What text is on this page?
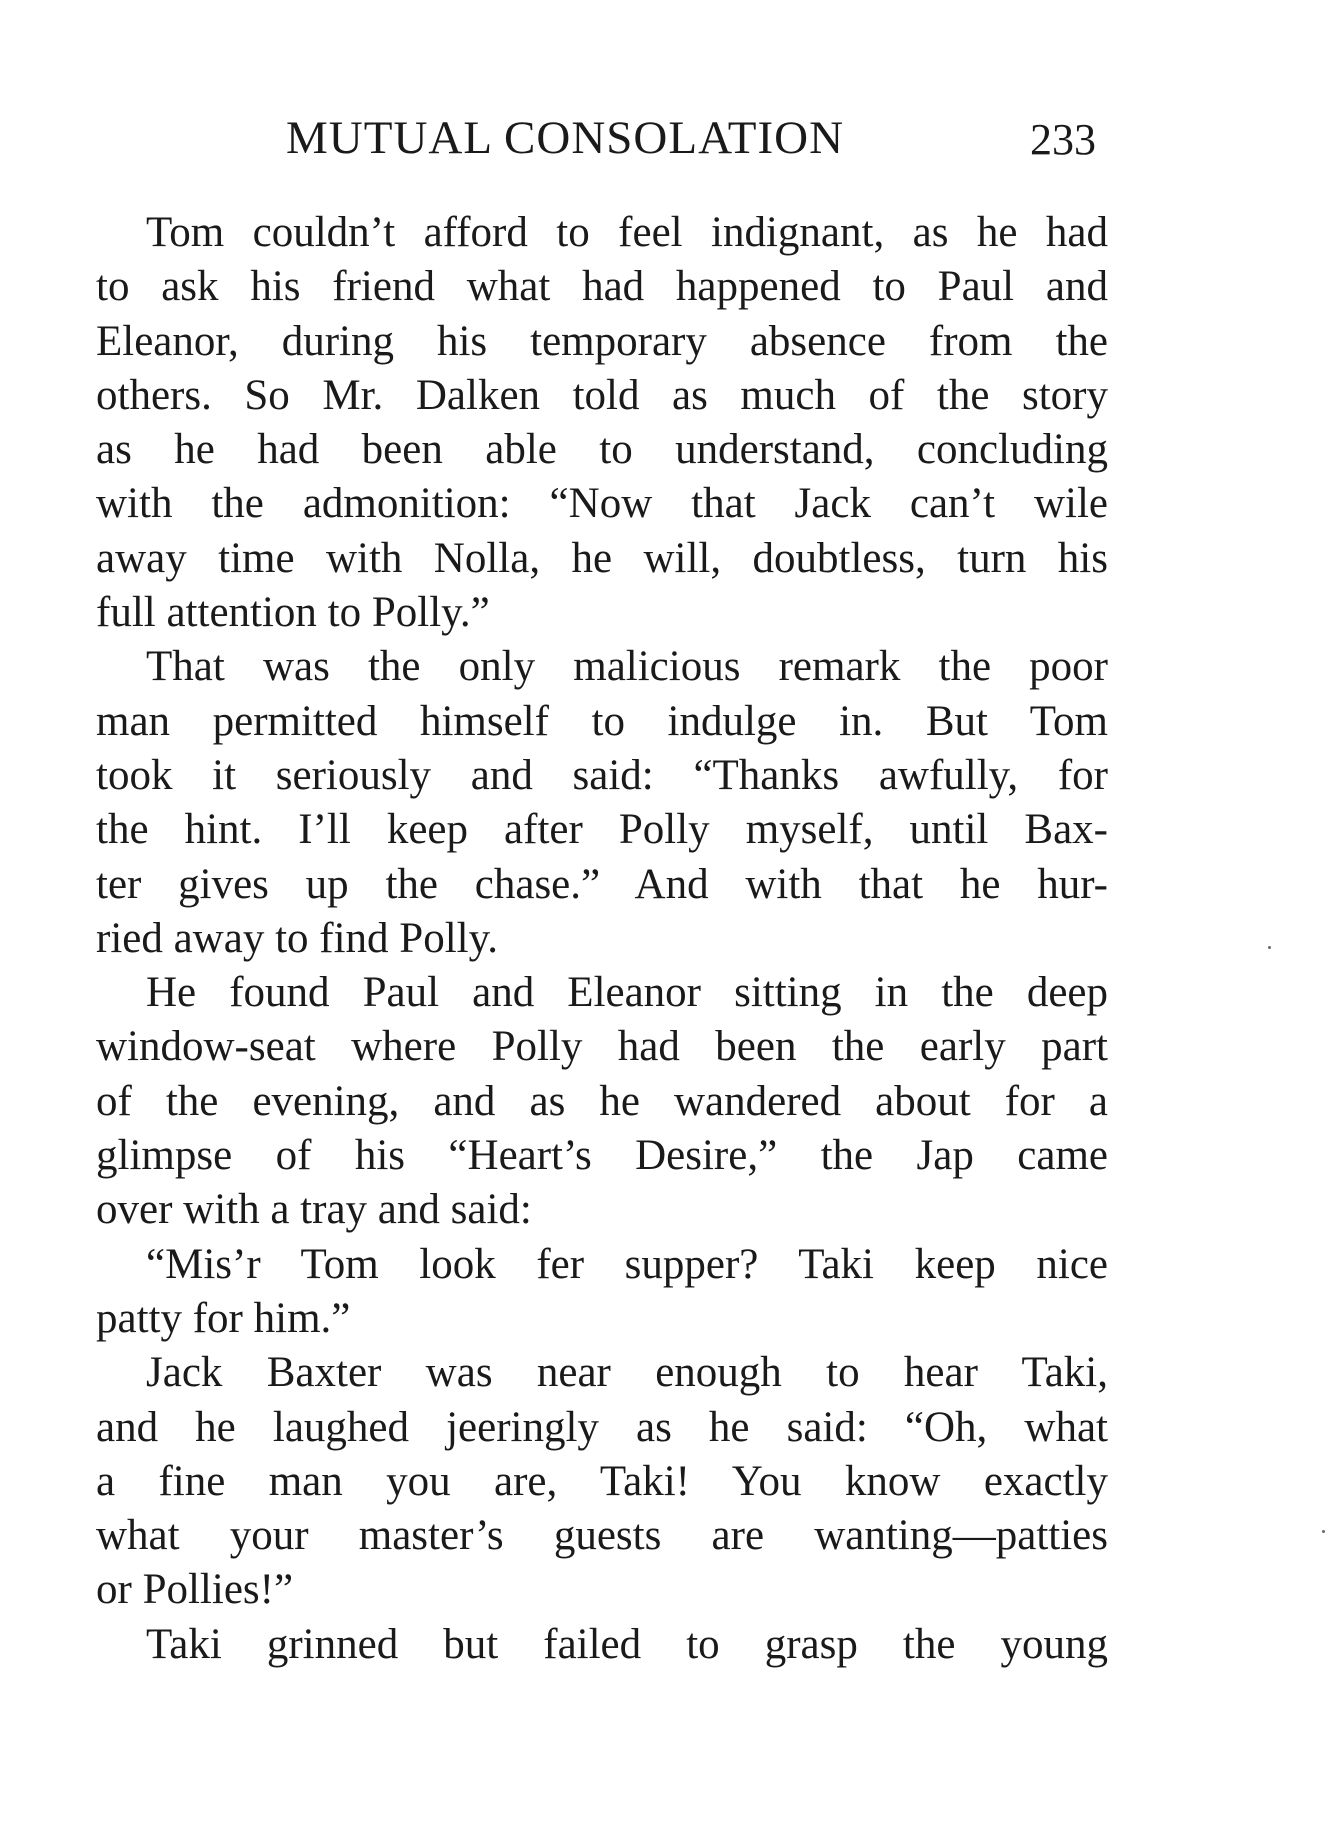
MUTUAL CONSOLATION	233
Tom couldn’t afford to feel indignant, as he had
to ask his friend what had happened to Paul and
Eleanor, during his temporary absence from the
others. So Mr. Dalken told as much of the story
as he had been able to understand, concluding
with the admonition: “Now that Jack can’t wile
away time with Nolla, he will, doubtless, turn his
full attention to Polly.”
That was the only malicious remark the poor
man permitted himself to indulge in. But Tom
took it seriously and said: “Thanks awfully, for
the hint. I’ll keep after Polly myself, until Bax-
ter gives up the chase.” And with that he hur-
ried away to find Polly.
He found Paul and Eleanor sitting in the deep
window-seat where Polly had been the early part
of the evening, and as he wandered about for a
glimpse of his “Heart’s Desire,” the Jap came
over with a tray and said:
“Mis’r Tom look fer supper? Taki keep nice
patty for him.”
Jack Baxter was near enough to hear Taki,
and he laughed jeeringly as he said: “Oh, what
a fine man you are, Taki! You know exactly
what your master’s guests are wanting—patties
or Pollies!”
Taki grinned but failed to grasp the young
